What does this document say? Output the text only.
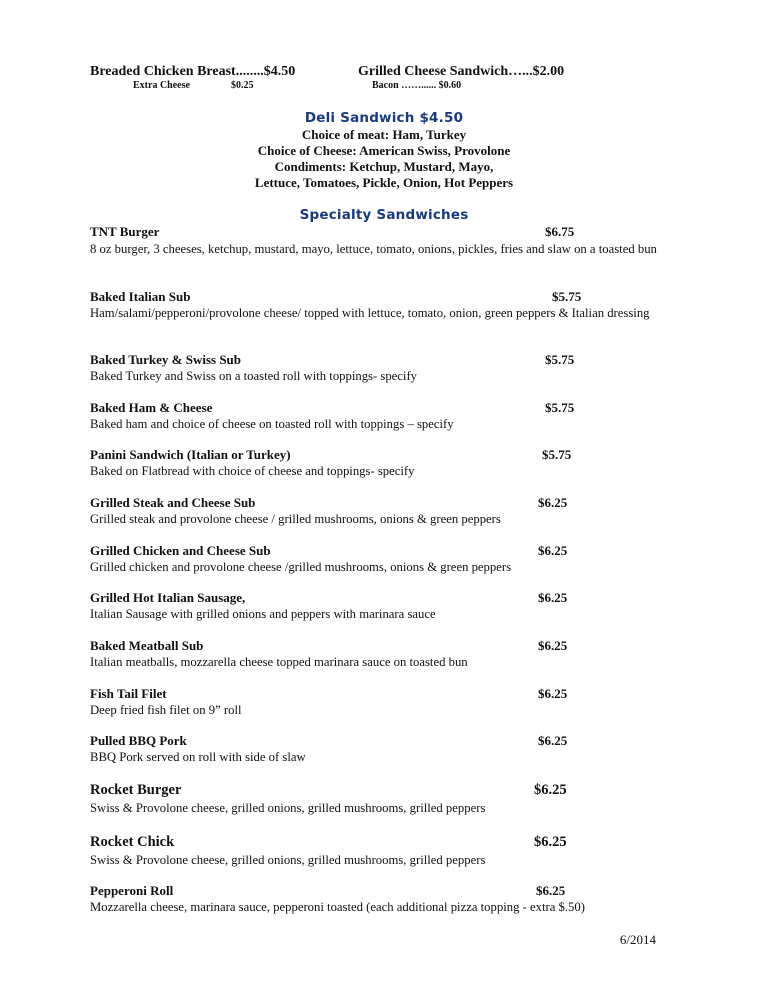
Breaded Chicken Breast........$4.50
Extra Cheese	$0.25
Grilled Cheese Sandwich…...$2.00
Bacon ……...... $0.60
Deli Sandwich $4.50
Choice of meat: Ham, Turkey
Choice of Cheese: American Swiss, Provolone
Condiments: Ketchup, Mustard, Mayo,
Lettuce, Tomatoes, Pickle, Onion, Hot Peppers
Specialty Sandwiches
TNT Burger	$6.75
8 oz burger, 3 cheeses, ketchup, mustard, mayo, lettuce, tomato, onions, pickles, fries and slaw on a toasted bun
Baked Italian Sub	$5.75
Ham/salami/pepperoni/provolone cheese/ topped with lettuce, tomato, onion, green peppers & Italian dressing
Baked Turkey & Swiss Sub	$5.75
Baked Turkey and Swiss on a toasted roll with toppings- specify
Baked Ham & Cheese	$5.75
Baked ham and choice of cheese on toasted roll with toppings – specify
Panini Sandwich (Italian or Turkey)	$5.75
Baked on Flatbread with choice of cheese and toppings- specify
Grilled Steak and Cheese Sub	$6.25
Grilled steak and provolone cheese / grilled mushrooms, onions & green peppers
Grilled Chicken and Cheese Sub	$6.25
Grilled chicken and provolone cheese /grilled mushrooms, onions & green peppers
Grilled Hot Italian Sausage,	$6.25
Italian Sausage with grilled onions and peppers with marinara sauce
Baked Meatball Sub	$6.25
Italian meatballs, mozzarella cheese topped marinara sauce on toasted bun
Fish Tail Filet	$6.25
Deep fried fish filet on 9” roll
Pulled BBQ Pork	$6.25
BBQ Pork served on roll with side of slaw
Rocket Burger	$6.25
Swiss & Provolone cheese, grilled onions, grilled mushrooms, grilled peppers
Rocket Chick	$6.25
Swiss & Provolone cheese, grilled onions, grilled mushrooms, grilled peppers
Pepperoni Roll	$6.25
Mozzarella cheese, marinara sauce, pepperoni toasted (each additional pizza topping - extra $.50)
6/2014
